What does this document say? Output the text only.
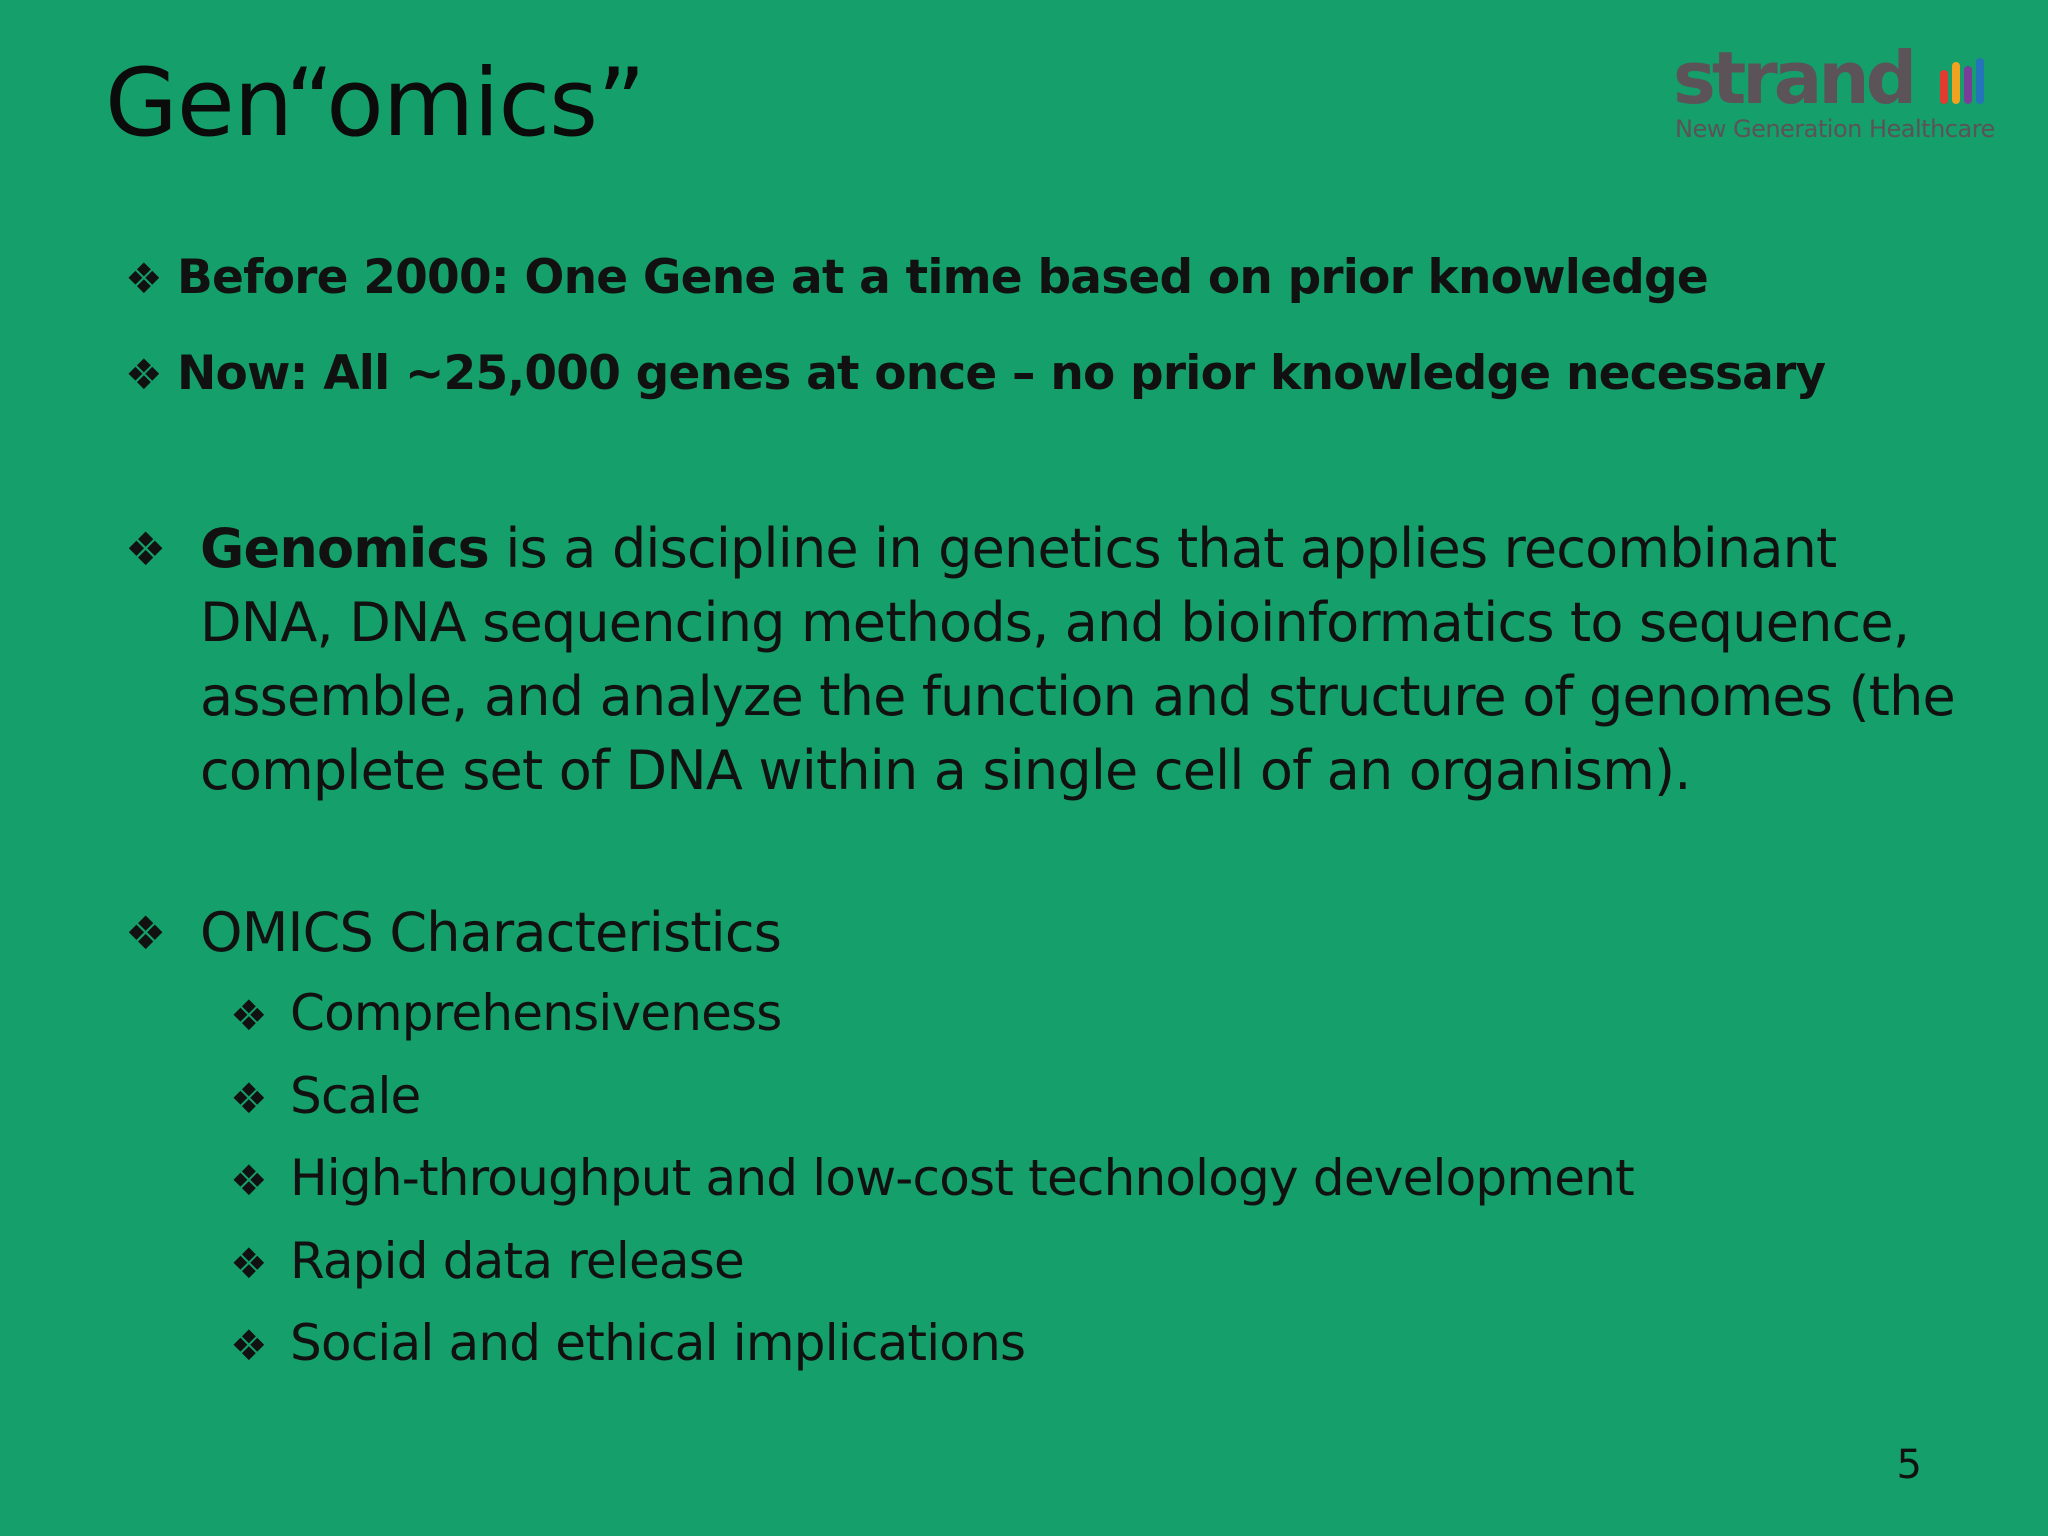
Gen“omics”	strand
New Generation Healthcare
❖ Before 2000: One Gene at a time based on prior knowledge
❖ Now: All ~25,000 genes at once – no prior knowledge necessary
❖ Genomics is a discipline in genetics that applies recombinant DNA, DNA sequencing methods, and bioinformatics to sequence, assemble, and analyze the function and structure of genomes (the complete set of DNA within a single cell of an organism).
❖ OMICS Characteristics
❖ Comprehensiveness
❖ Scale
❖ High-throughput and low-cost technology development
❖ Rapid data release
❖ Social and ethical implications
5
